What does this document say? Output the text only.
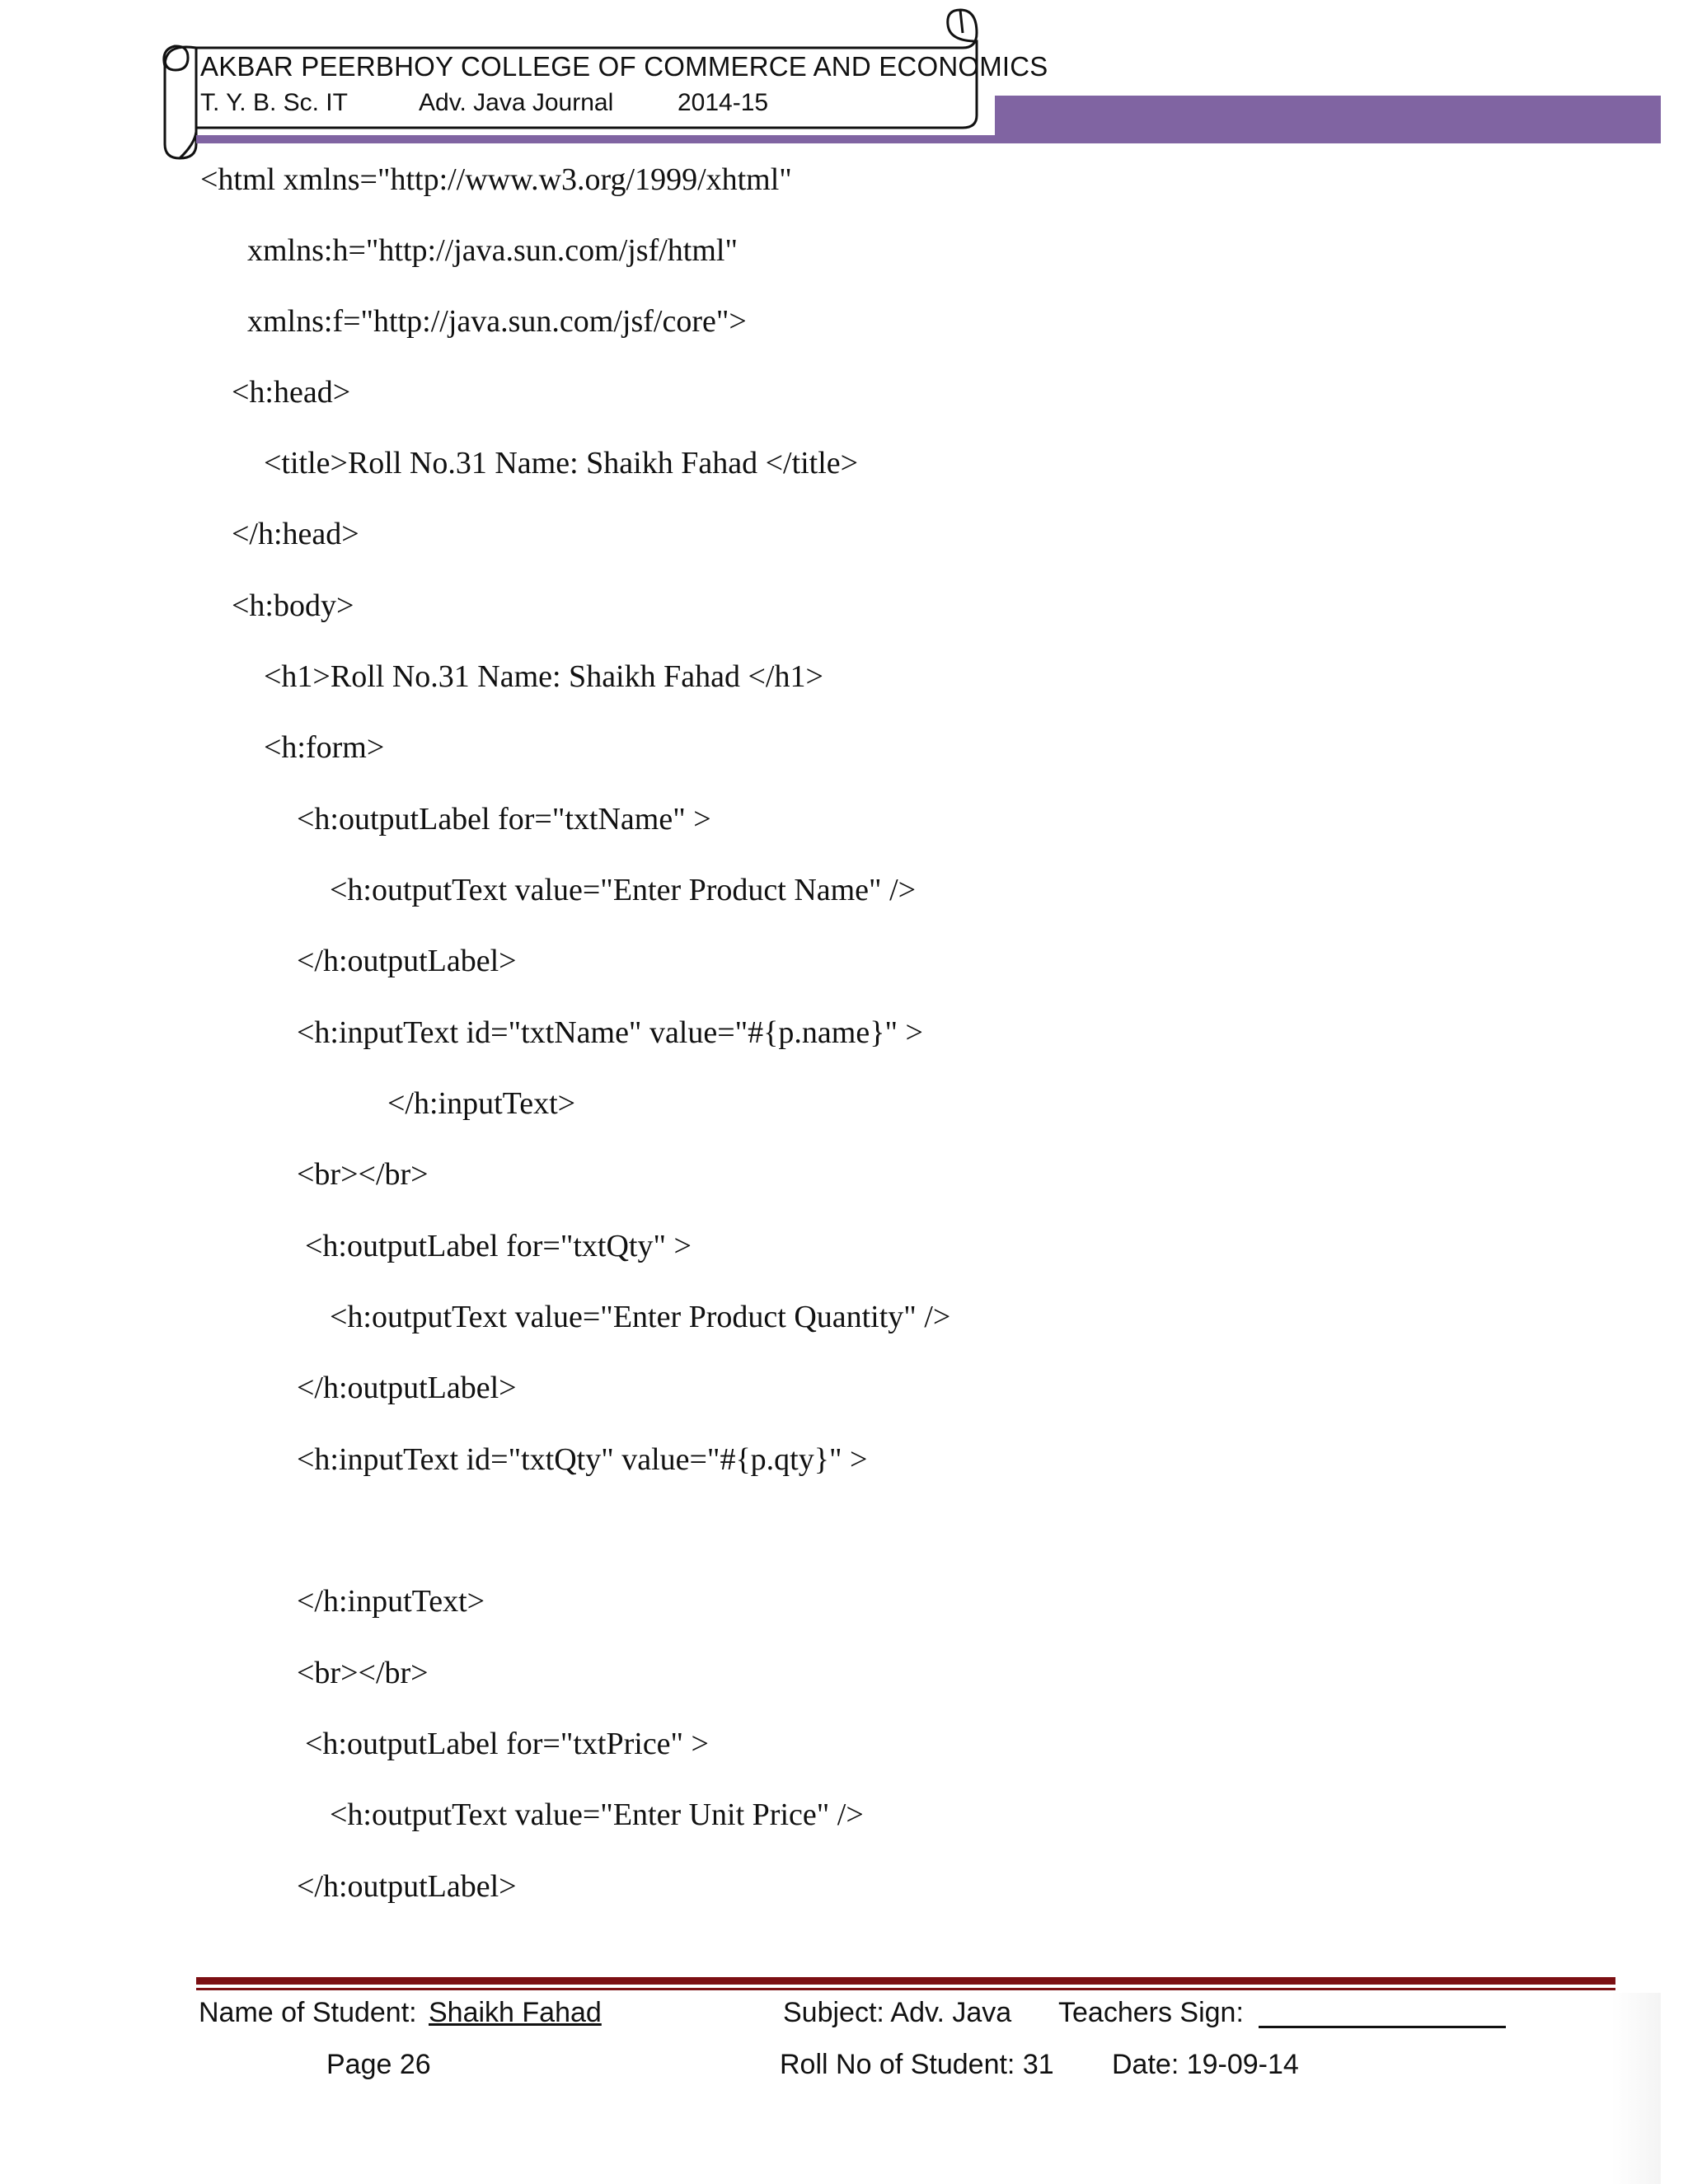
AKBAR PEERBHOY COLLEGE OF COMMERCE AND ECONOMICS
T. Y. B. Sc. IT	Adv. Java Journal	2014-15
<html xmlns="http://www.w3.org/1999/xhtml"
xmlns:h="http://java.sun.com/jsf/html"
xmlns:f="http://java.sun.com/jsf/core">
<h:head>
<title>Roll No.31 Name: Shaikh Fahad </title>
</h:head>
<h:body>
<h1>Roll No.31 Name: Shaikh Fahad </h1>
<h:form>
<h:outputLabel for="txtName" >
<h:outputText value="Enter Product Name" />
</h:outputLabel>
<h:inputText id="txtName" value="#{p.name}" >
</h:inputText>
<br></br>
<h:outputLabel for="txtQty" >
<h:outputText value="Enter Product Quantity" />
</h:outputLabel>
<h:inputText id="txtQty" value="#{p.qty}" >
</h:inputText>
<br></br>
<h:outputLabel for="txtPrice" >
<h:outputText value="Enter Unit Price" />
</h:outputLabel>
Name of Student: Shaikh Fahad	Subject: Adv. Java Teachers Sign:
Page 26	Roll No of Student: 31 Date: 19-09-14
